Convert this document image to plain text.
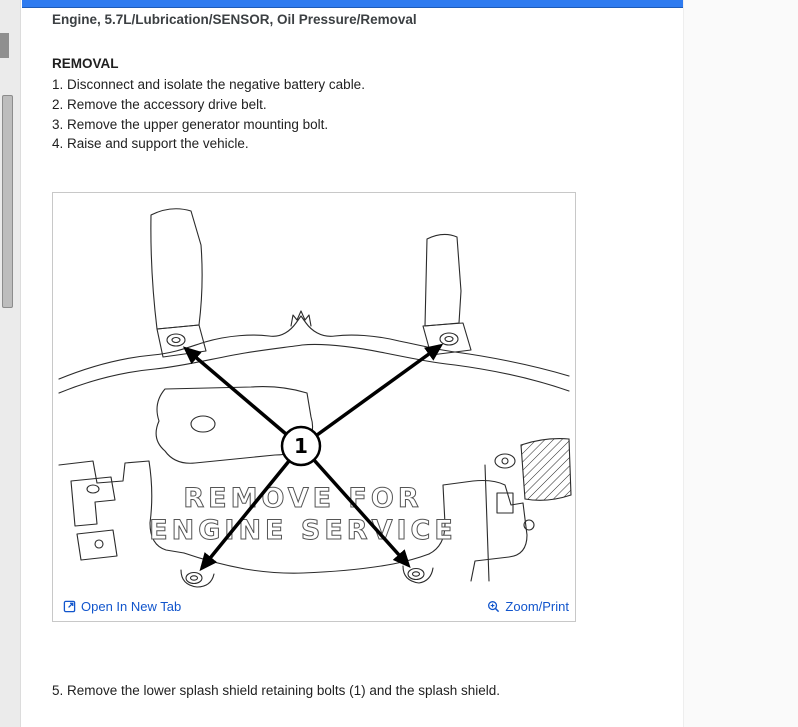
Engine, 5.7L/Lubrication/SENSOR, Oil Pressure/Removal
REMOVAL
1. Disconnect and isolate the negative battery cable.
2. Remove the accessory drive belt.
3. Remove the upper generator mounting bolt.
4. Raise and support the vehicle.
REMOVE FOR
ENGINE SERVICE
1
Open In New Tab	Zoom/Print
5. Remove the lower splash shield retaining bolts (1) and the splash shield.
